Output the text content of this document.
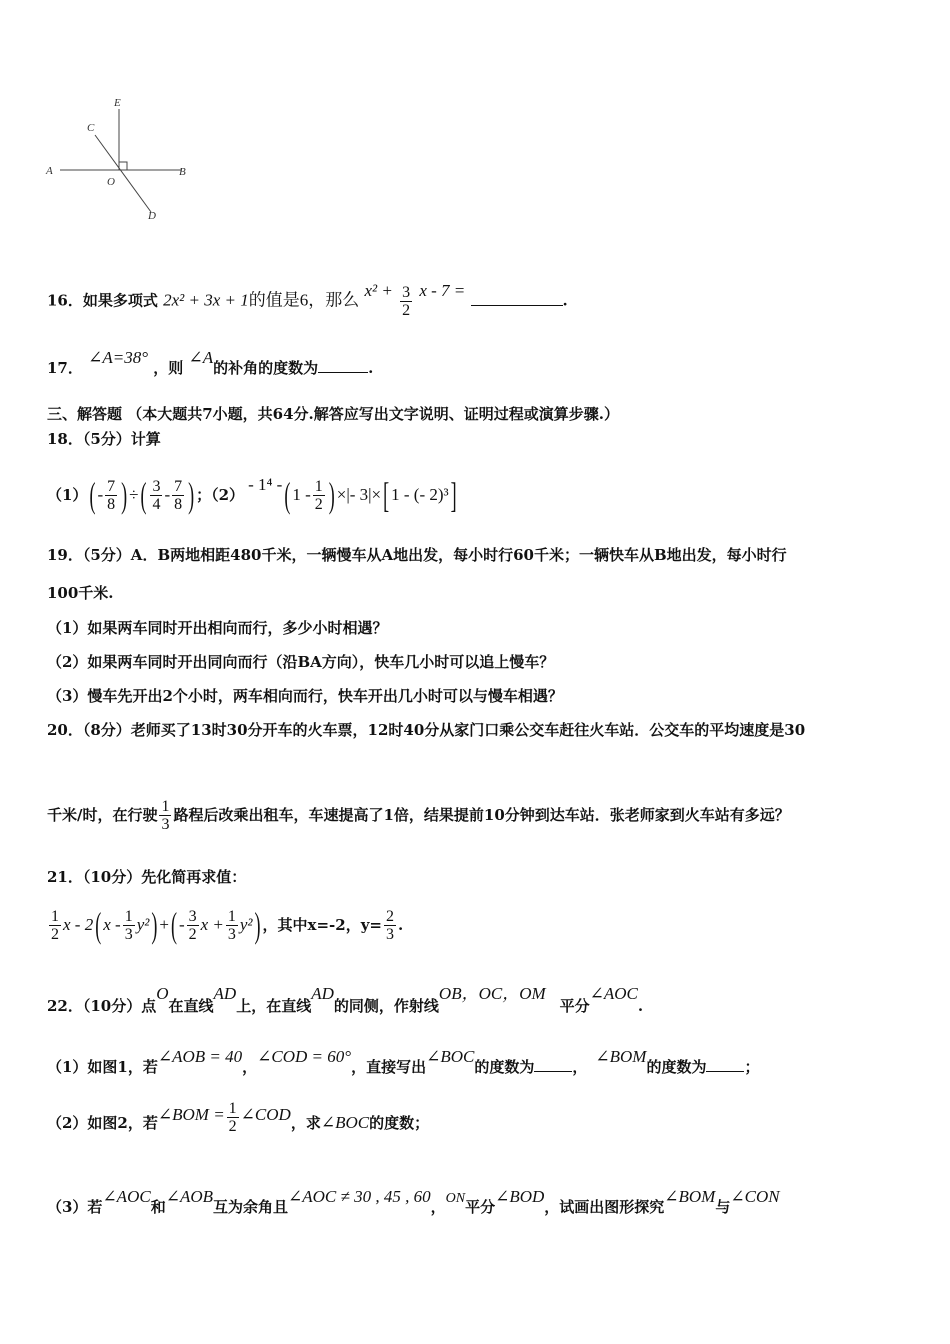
E
C
A
O
B
D
16．如果多项式 2x² + 3x + 1的值是6，那么 $x^2 + \frac{3}{2}$ x - 7 = .
17． ∠A=38° ，则 ∠A的补角的度数为	.
三、解答题 （本大题共7小题，共64分.解答应写出文字说明、证明过程或演算步骤.）
18．（5分）计算
（1） ( - $\frac{7}{8}$ ) ÷ ( $\frac{3}{4} - \frac{7}{8}$ ) ；（2）
- 1⁴ - ( $1 - \frac{1}{2}$ ) ×|- 3|× [ 1 - (- 2)³ ]
19．（5分）A．B两地相距480千米，一辆慢车从A地出发，每小时行60千米；一辆快车从B地出发，每小时行
100千米.
（1）如果两车同时开出相向而行，多少小时相遇？
（2）如果两车同时开出同向而行（沿BA方向），快车几小时可以追上慢车？
（3）慢车先开出2个小时，两车相向而行，快车开出几小时可以与慢车相遇？
20．（8分）老师买了13时30分开车的火车票，12时40分从家门口乘公交车赶往火车站．公交车的平均速度是30
千米/时，在行驶 $\frac{1}{3}$ 路程后改乘出租车，车速提高了1倍，结果提前10分钟到达车站．张老师家到火车站有多远？
21．（10分）先化简再求值：
$\frac{1}{2}$ x - 2 ( x - $\frac{1}{3} y^2$ ) + ( - $\frac{3}{2}$ $x + \frac{1}{3} y^2$ ) ，其中x=-2，$y= \frac{2}{3}$ .
22．（10分）点O在直线AD上，在直线AD的同侧，作射线OB，OC，OM平分∠AOC.
（1）如图1，若∠AOB = 40，∠COD = 60°，直接写出∠BOC的度数为	，∠BOM的度数为	；
（2）如图2，若 ∠BOM = $\frac{1}{2}$ ∠COD ，求 ∠BOC 的度数；
（3）若∠AOC和∠AOB互为余角且∠AOC ≠ 30 , 45 , 60，ON平分∠BOD，试画出图形探究∠BOM与∠CON
